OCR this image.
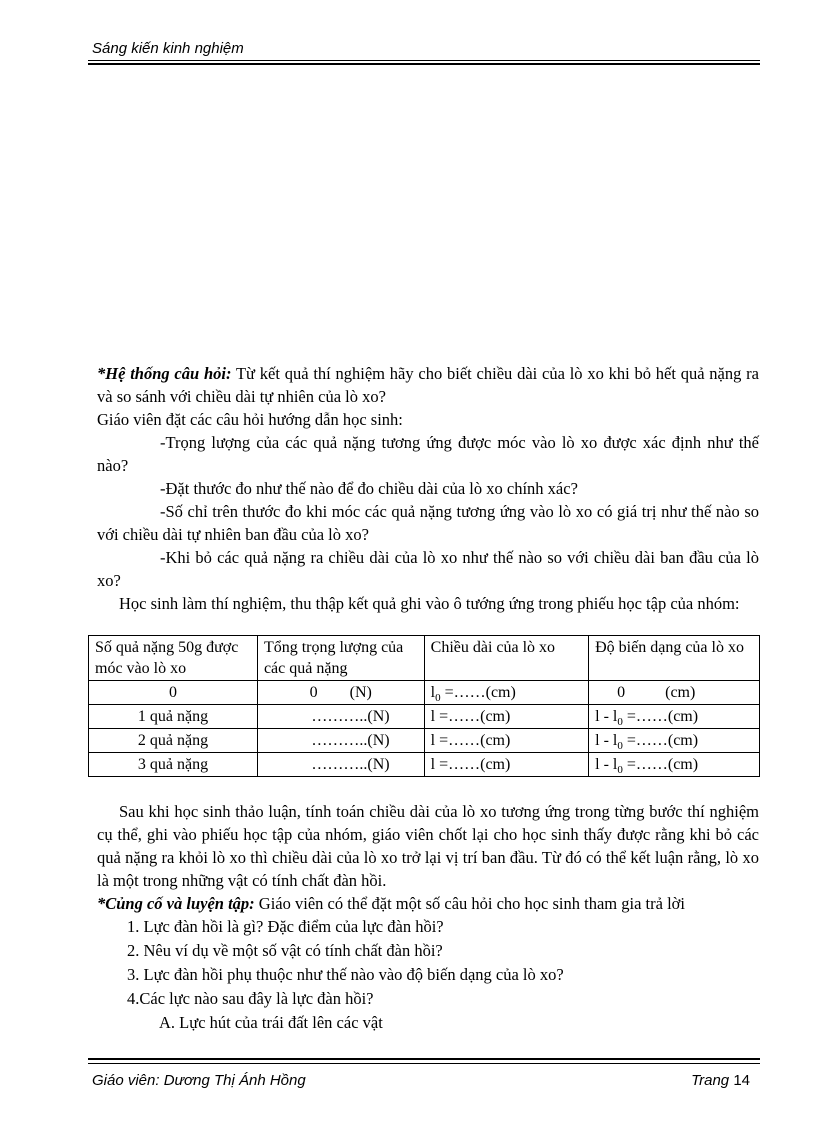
Sáng kiến kinh nghiệm

*Hệ thống câu hỏi: Từ kết quả thí nghiệm hãy cho biết chiều dài của lò xo khi bỏ hết quả nặng ra và so sánh với chiều dài tự nhiên của lò xo?

Giáo viên đặt các câu hỏi hướng dẫn học sinh:

-Trọng lượng của các quả nặng tương ứng được móc vào lò xo được xác định như thế nào?

-Đặt thước đo như thế nào để đo chiều dài của lò xo chính xác?

-Số chỉ trên thước đo khi móc các quả nặng tương ứng vào lò xo có giá trị như thế nào so với chiều dài tự nhiên ban đầu của lò xo?

-Khi bỏ các quả nặng ra chiều dài của lò xo như thế nào so với chiều dài ban đầu của lò xo?

Học sinh làm thí nghiệm, thu thập kết quả ghi vào ô tướng ứng trong phiếu học tập của nhóm:

Số quả nặng 50g được móc vào lò xo	Tổng trọng lượng của các quả nặng	Chiều dài của lò xo	Độ biến dạng của lò xo
0	0        (N)	$l_0$ =……(cm)	0          (cm)
1 quả nặng	………..(N)	l =……(cm)	l - $l_0$ =……(cm)
2 quả nặng	………..(N)	l =……(cm)	l - $l_0$ =……(cm)
3 quả nặng	………..(N)	l =……(cm)	l - $l_0$ =……(cm)

Sau khi học sinh thảo luận, tính toán chiều dài của lò xo tương ứng trong từng bước thí nghiệm cụ thể, ghi vào phiếu học tập của nhóm, giáo viên chốt lại cho học sinh thấy được rằng khi bỏ các quả nặng ra khỏi lò xo thì chiều dài của lò xo trở lại vị trí ban đầu. Từ đó có thể kết luận rằng, lò xo là một trong những vật có tính chất đàn hồi.

*Củng cố và luyện tập: Giáo viên có thể đặt một số câu hỏi cho học sinh tham gia trả lời

1. Lực đàn hồi là gì? Đặc điểm của lực đàn hồi?

2. Nêu ví dụ về một số vật có tính chất đàn hồi?

3. Lực đàn hồi phụ thuộc như thế nào vào độ biến dạng của lò xo?

4.Các lực nào sau đây là lực đàn hồi?

A. Lực hút của trái đất lên các vật

Giáo viên: Dương Thị Ánh Hồng	Trang 14
